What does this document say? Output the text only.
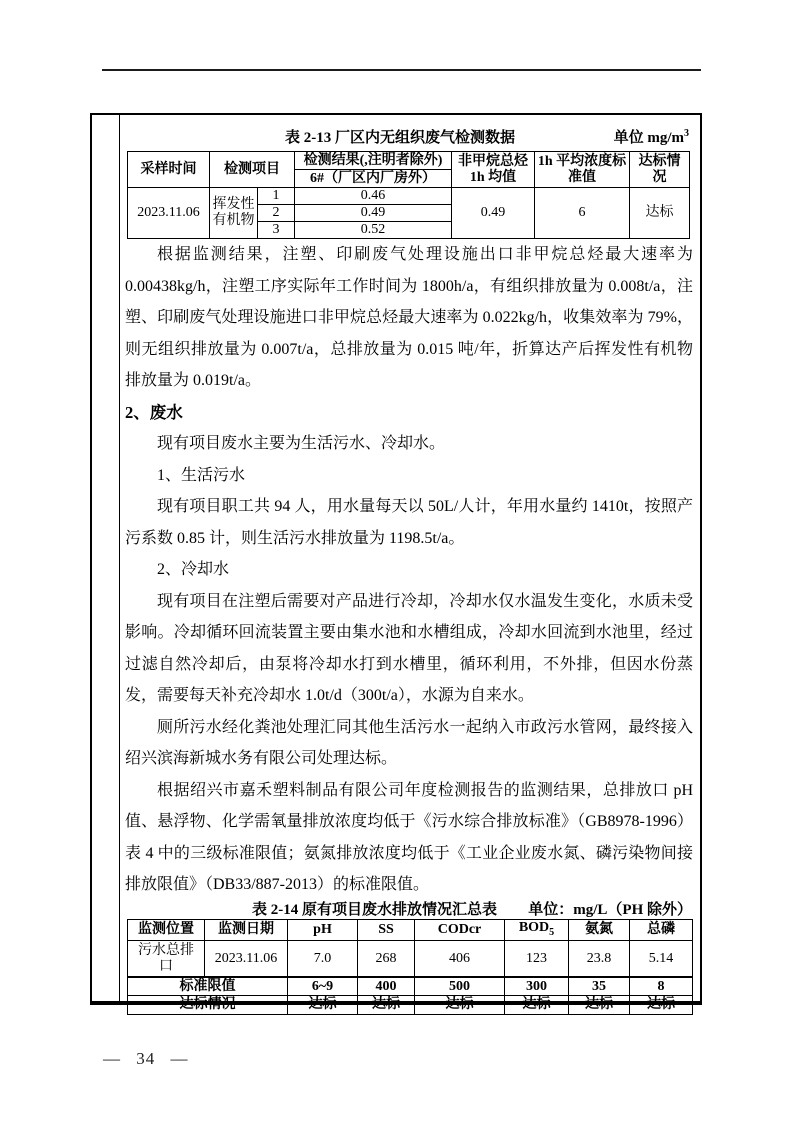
表 2-13 厂区内无组织废气检测数据	单位 $mg/m^3$
采样时间	检测项目		检测结果(,注明者除外)	非甲烷总烃 1h 均值	1h 平均浓度标准值	达标情况
			6#（厂区内厂房外）			
2023.11.06	挥发性有机物	1	0.46	0.49	6	达标
		2	0.49			
		3	0.52			

根据监测结果，注塑、印刷废气处理设施出口非甲烷总烃最大速率为 0.00438kg/h，注塑工序实际年工作时间为 1800h/a，有组织排放量为 0.008t/a，注塑、印刷废气处理设施进口非甲烷总烃最大速率为 0.022kg/h，收集效率为 79%，则无组织排放量为 0.007t/a，总排放量为 0.015 吨/年，折算达产后挥发性有机物排放量为 0.019t/a。

2、废水

现有项目废水主要为生活污水、冷却水。

1、生活污水

现有项目职工共 94 人，用水量每天以 50L/人计，年用水量约 1410t，按照产污系数 0.85 计，则生活污水排放量为 1198.5t/a。

2、冷却水

现有项目在注塑后需要对产品进行冷却，冷却水仅水温发生变化，水质未受影响。冷却循环回流装置主要由集水池和水槽组成，冷却水回流到水池里，经过过滤自然冷却后，由泵将冷却水打到水槽里，循环利用，不外排，但因水份蒸发，需要每天补充冷却水 1.0t/d（300t/a），水源为自来水。

厕所污水经化粪池处理汇同其他生活污水一起纳入市政污水管网，最终接入绍兴滨海新城水务有限公司处理达标。

根据绍兴市嘉禾塑料制品有限公司年度检测报告的监测结果，总排放口 pH 值、悬浮物、化学需氧量排放浓度均低于《污水综合排放标准》（GB8978-1996）表 4 中的三级标准限值；氨氮排放浓度均低于《工业企业废水氮、磷污染物间接排放限值》（DB33/887-2013）的标准限值。

表 2-14 原有项目废水排放情况汇总表 单位：mg/L（PH 除外）
监测位置	监测日期	pH	SS	CODcr	$BOD_5$	氨氮	总磷
污水总排口	2023.11.06	7.0	268	406	123	23.8	5.14
标准限值		6~9	400	500	300	35	8
达标情况		达标	达标	达标	达标	达标	达标
— 34 —
